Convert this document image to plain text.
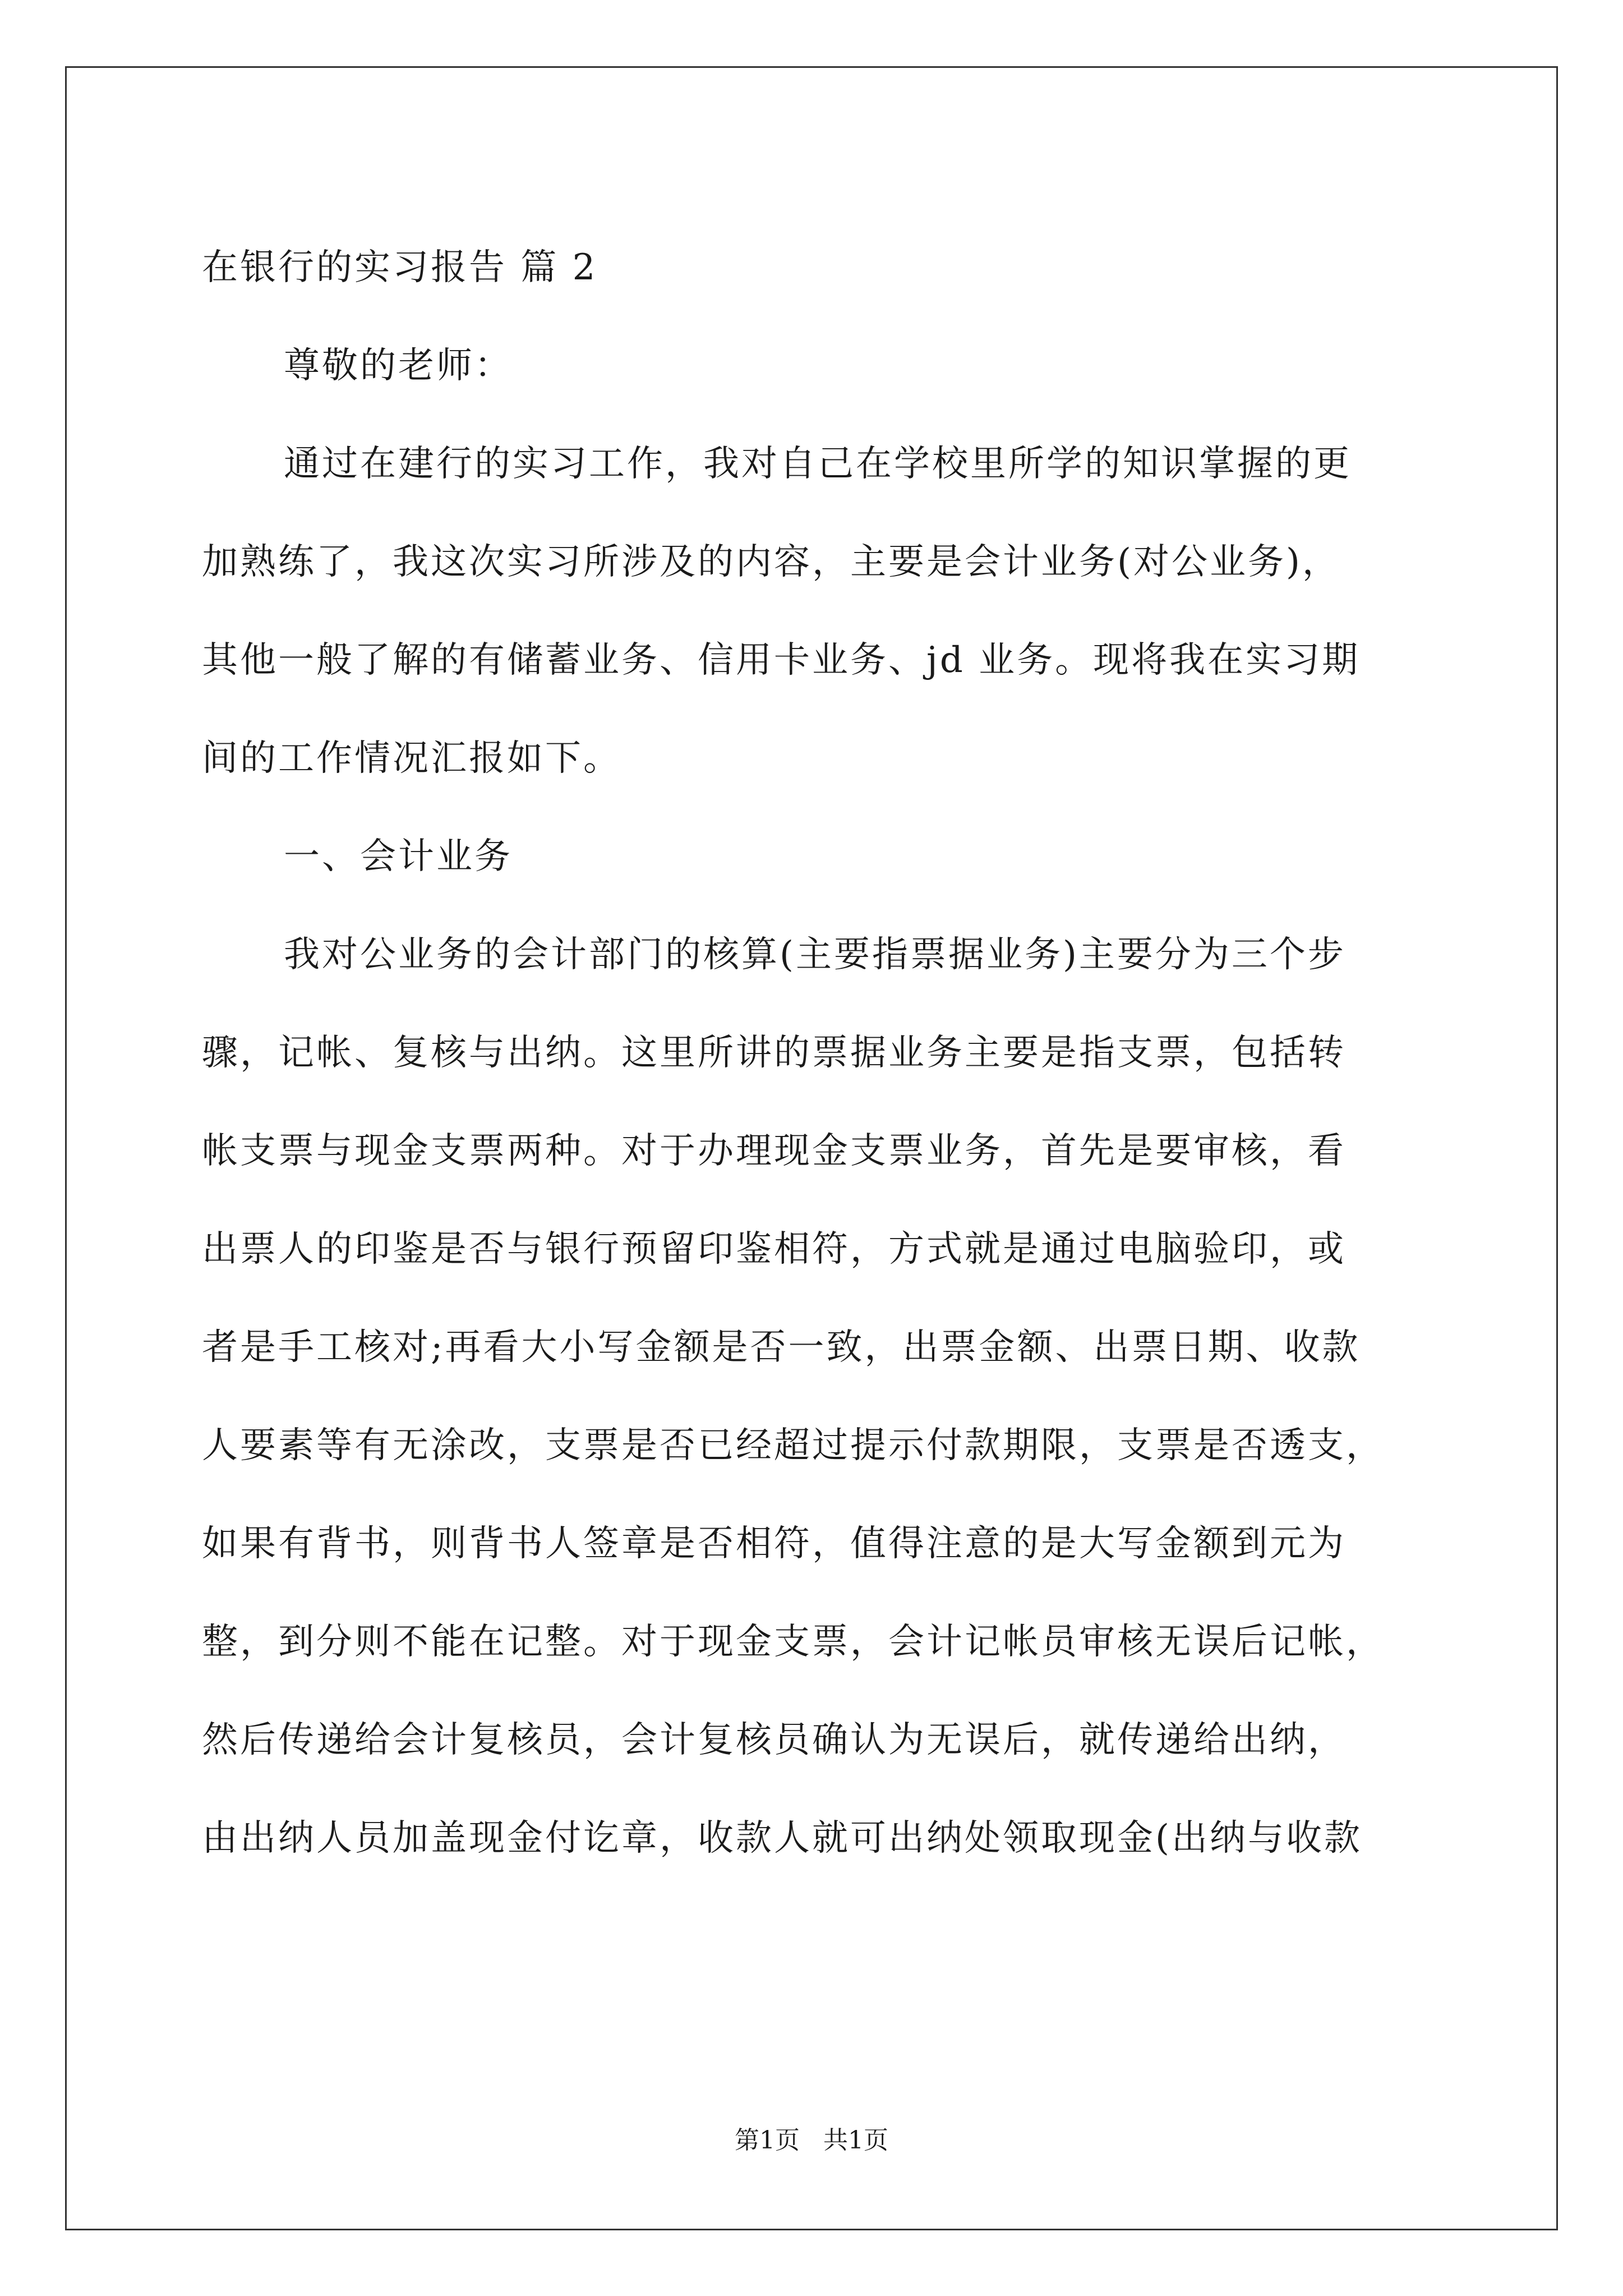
在银行的实习报告 篇 2
尊敬的老师：
通过在建行的实习工作，我对自己在学校里所学的知识掌握的更
加熟练了，我这次实习所涉及的内容，主要是会计业务(对公业务)，
其他一般了解的有储蓄业务、信用卡业务、jd 业务。现将我在实习期
间的工作情况汇报如下。
一、会计业务
我对公业务的会计部门的核算(主要指票据业务)主要分为三个步
骤，记帐、复核与出纳。这里所讲的票据业务主要是指支票，包括转
帐支票与现金支票两种。对于办理现金支票业务，首先是要审核，看
出票人的印鉴是否与银行预留印鉴相符，方式就是通过电脑验印，或
者是手工核对;再看大小写金额是否一致，出票金额、出票日期、收款
人要素等有无涂改，支票是否已经超过提示付款期限，支票是否透支，
如果有背书，则背书人签章是否相符，值得注意的是大写金额到元为
整，到分则不能在记整。对于现金支票，会计记帐员审核无误后记帐，
然后传递给会计复核员，会计复核员确认为无误后，就传递给出纳，
由出纳人员加盖现金付讫章，收款人就可出纳处领取现金(出纳与收款
第1页   共1页
